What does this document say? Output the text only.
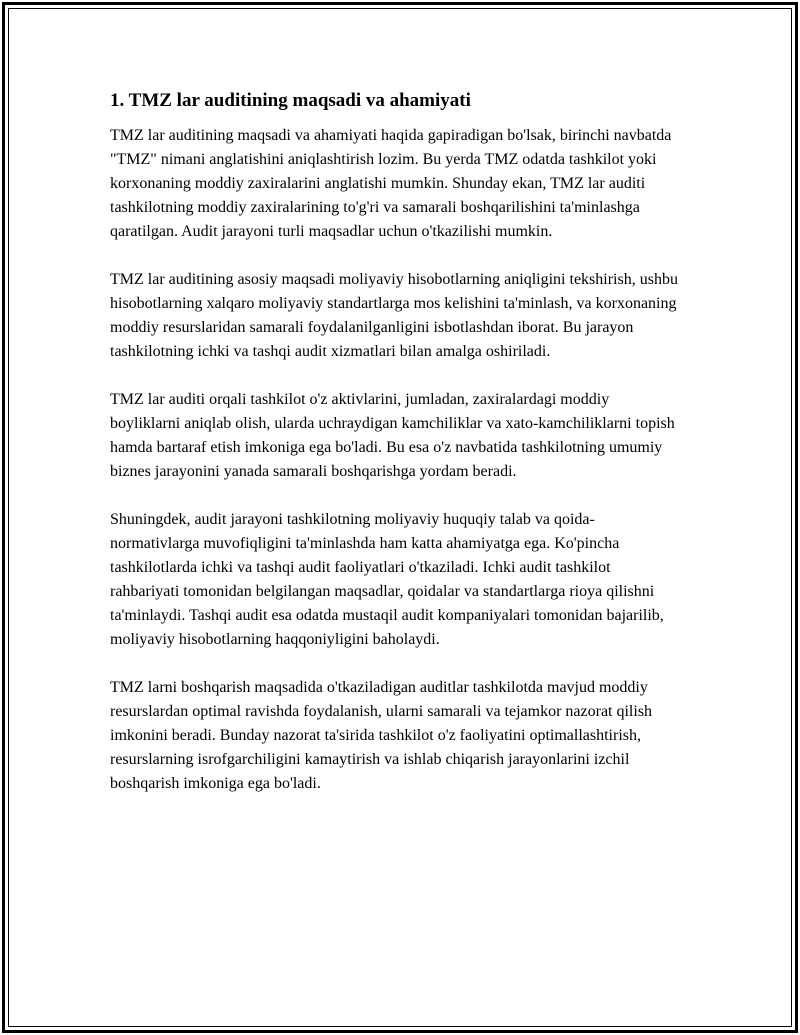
1. TMZ lar auditining maqsadi va ahamiyati

TMZ lar auditining maqsadi va ahamiyati haqida gapiradigan bo'lsak, birinchi navbatda "TMZ" nimani anglatishini aniqlashtirish lozim. Bu yerda TMZ odatda tashkilot yoki korxonaning moddiy zaxiralarini anglatishi mumkin. Shunday ekan, TMZ lar auditi tashkilotning moddiy zaxiralarining to'g'ri va samarali boshqarilishini ta'minlashga qaratilgan. Audit jarayoni turli maqsadlar uchun o'tkazilishi mumkin.

TMZ lar auditining asosiy maqsadi moliyaviy hisobotlarning aniqligini tekshirish, ushbu hisobotlarning xalqaro moliyaviy standartlarga mos kelishini ta'minlash, va korxonaning moddiy resurslaridan samarali foydalanilganligini isbotlashdan iborat. Bu jarayon tashkilotning ichki va tashqi audit xizmatlari bilan amalga oshiriladi.

TMZ lar auditi orqali tashkilot o'z aktivlarini, jumladan, zaxiralardagi moddiy boyliklarni aniqlab olish, ularda uchraydigan kamchiliklar va xato-kamchiliklarni topish hamda bartaraf etish imkoniga ega bo'ladi. Bu esa o'z navbatida tashkilotning umumiy biznes jarayonini yanada samarali boshqarishga yordam beradi.

Shuningdek, audit jarayoni tashkilotning moliyaviy huquqiy talab va qoida-normativlarga muvofiqligini ta'minlashda ham katta ahamiyatga ega. Ko'pincha tashkilotlarda ichki va tashqi audit faoliyatlari o'tkaziladi. Ichki audit tashkilot rahbariyati tomonidan belgilangan maqsadlar, qoidalar va standartlarga rioya qilishni ta'minlaydi. Tashqi audit esa odatda mustaqil audit kompaniyalari tomonidan bajarilib, moliyaviy hisobotlarning haqqoniyligini baholaydi.

TMZ larni boshqarish maqsadida o'tkaziladigan auditlar tashkilotda mavjud moddiy resurslardan optimal ravishda foydalanish, ularni samarali va tejamkor nazorat qilish imkonini beradi. Bunday nazorat ta'sirida tashkilot o'z faoliyatini optimallashtirish, resurslarning isrofgarchiligini kamaytirish va ishlab chiqarish jarayonlarini izchil boshqarish imkoniga ega bo'ladi.
